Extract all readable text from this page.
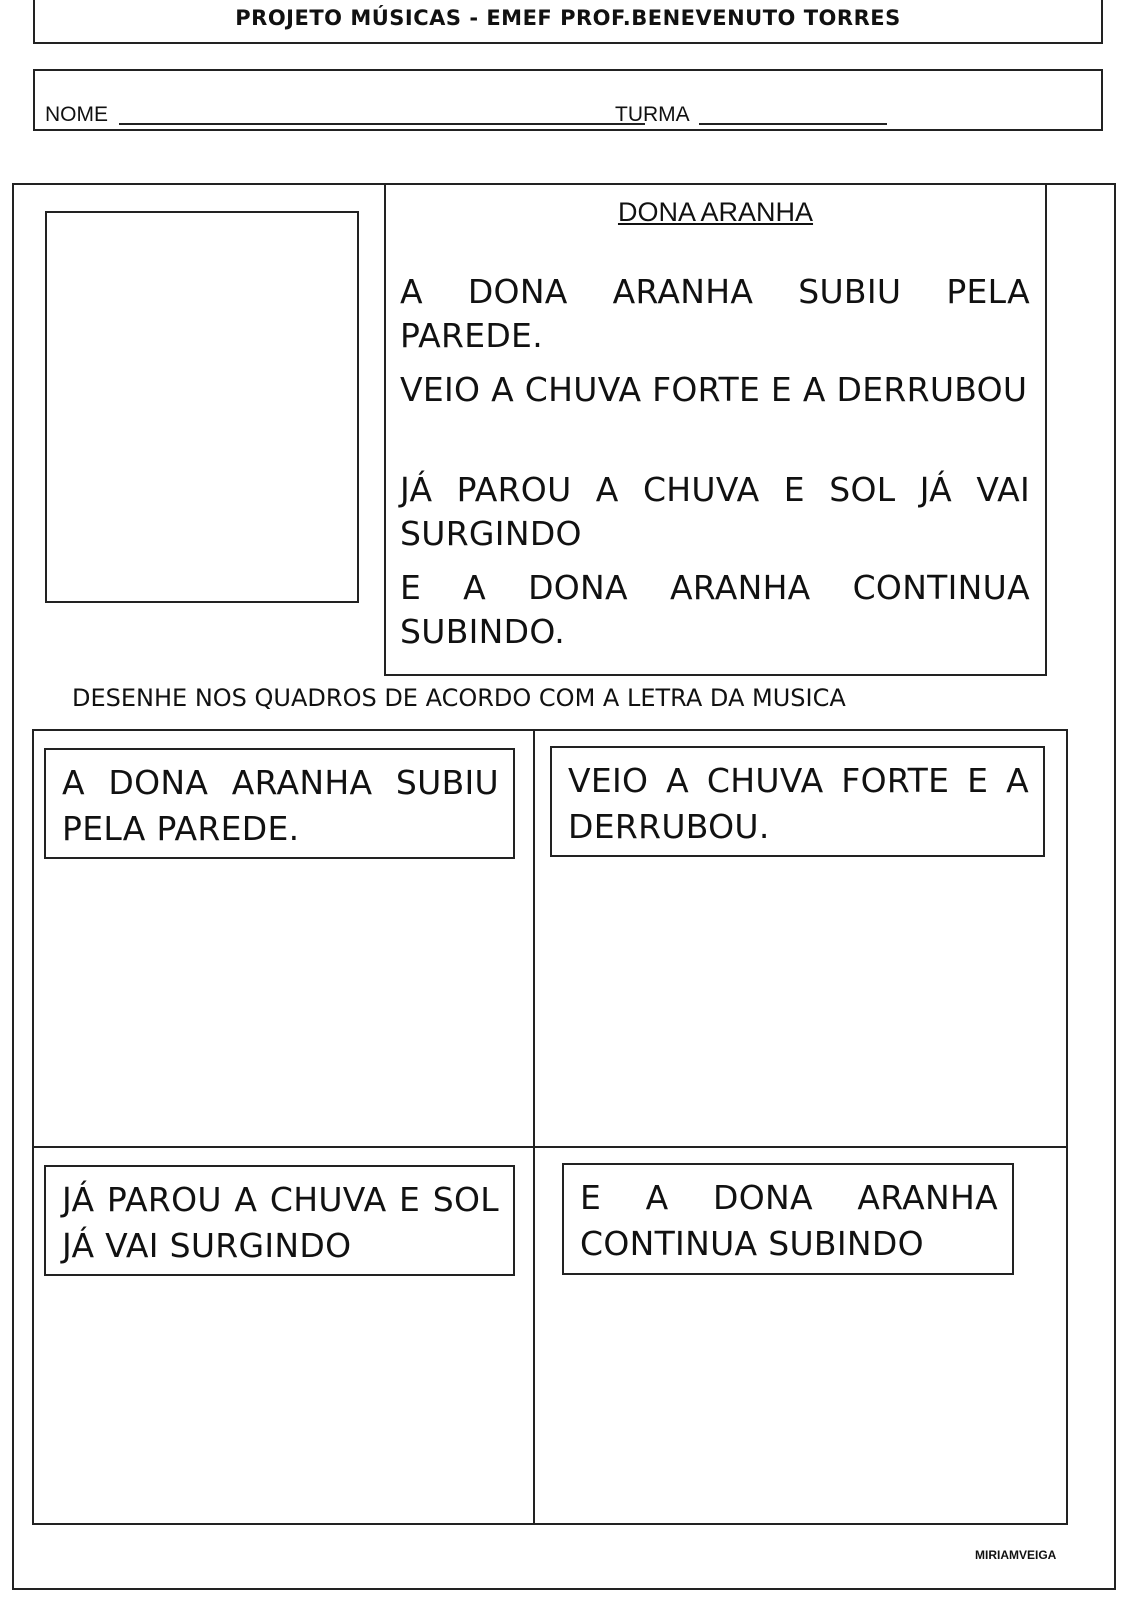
PROJETO MÚSICAS - EMEF PROF.BENEVENUTO TORRES
NOME	TURMA
DONA ARANHA
A DONA ARANHA SUBIU PELA PAREDE.
VEIO A CHUVA FORTE E A DERRUBOU
JÁ PAROU A CHUVA E SOL JÁ VAI SURGINDO
E A DONA ARANHA CONTINUA SUBINDO.
DESENHE NOS QUADROS DE ACORDO COM A LETRA DA MUSICA
A DONA ARANHA SUBIU PELA PAREDE.
VEIO A CHUVA FORTE E A DERRUBOU.
JÁ PAROU A CHUVA E SOL JÁ VAI SURGINDO
E A DONA ARANHA CONTINUA SUBINDO
MIRIAMVEIGA
